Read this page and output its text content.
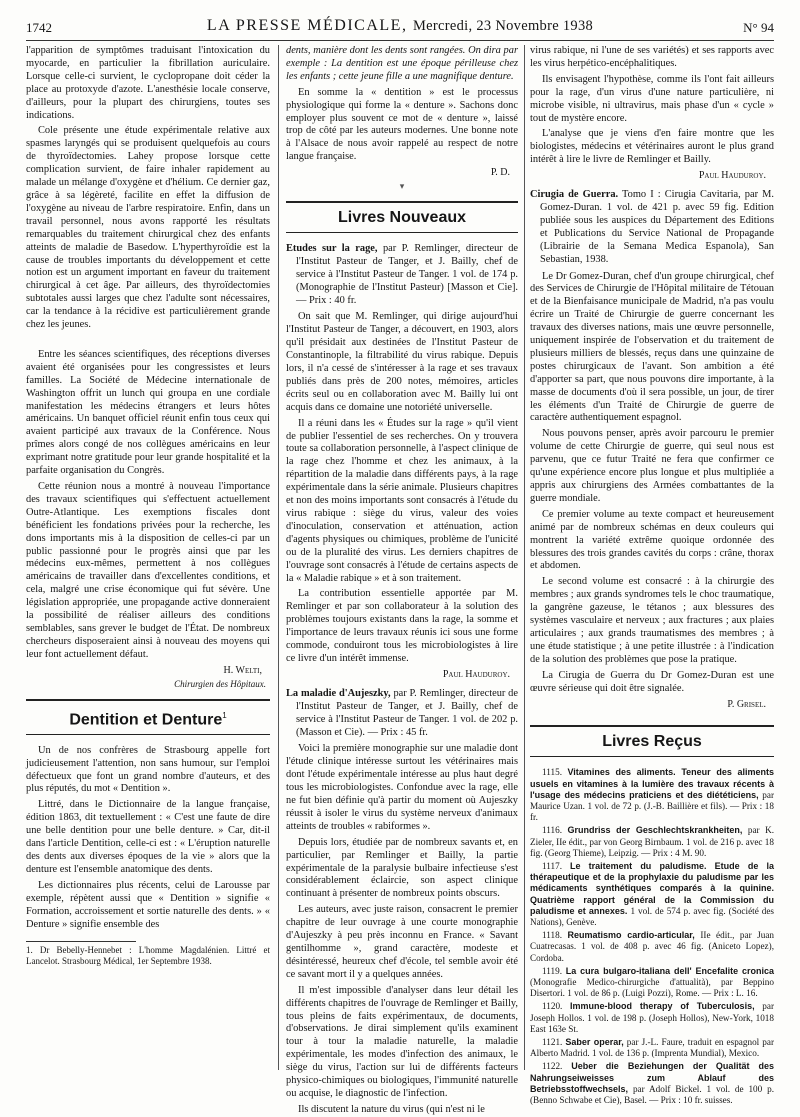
1742	LA PRESSE MÉDICALE, Mercredi, 23 Novembre 1938	N° 94

l'apparition de symptômes traduisant l'intoxication du myocarde, en particulier la fibrillation auriculaire. Lorsque celle-ci survient, le cyclopropane doit céder la place au protoxyde d'azote. L'anesthésie locale conserve, d'ailleurs, pour la plupart des chirurgiens, toutes ses indications.

Cole présente une étude expérimentale relative aux spasmes laryngés qui se produisent quelquefois au cours de thyroïdectomies. Lahey propose lorsque cette complication survient, de faire inhaler rapidement au malade un mélange d'oxygène et d'hélium. Ce dernier gaz, grâce à sa légèreté, facilite en effet la diffusion de l'oxygène au niveau de l'arbre respiratoire. Enfin, dans un travail personnel, nous avons rapporté les résultats remarquables du traitement chirurgical chez des enfants atteints de maladie de Basedow. L'hyperthyroïdie est la cause de troubles importants du développement et cette notion est un argument important en faveur du traitement chirurgical à cet âge. Par ailleurs, des thyroïdectomies subtotales aussi larges que chez l'adulte sont nécessaires, car la tendance à la récidive est particulièrement grande chez les jeunes.

Entre les séances scientifiques, des réceptions diverses avaient été organisées pour les congressistes et leurs familles. La Société de Médecine internationale de Washington offrit un lunch qui groupa en une cordiale manifestation les médecins étrangers et leurs hôtes américains. Un banquet officiel réunit enfin tous ceux qui avaient participé aux travaux de la Conférence. Nous prîmes alors congé de nos collègues américains en leur exprimant notre gratitude pour leur grande hospitalité et la parfaite organisation du Congrès.

Cette réunion nous a montré à nouveau l'importance des travaux scientifiques qui s'effectuent actuellement Outre-Atlantique. Les exemptions fiscales dont bénéficient les fondations privées pour la recherche, les dons importants mis à la disposition de celles-ci par un public passionné pour le progrès ainsi que par les médecins eux-mêmes, permettent à nos collègues américains de travailler dans d'excellentes conditions, et cela, malgré une crise économique qui fut sévère. Une législation appropriée, une propagande active donneraient la possibilité de réaliser ailleurs des conditions semblables, sans grever le budget de l'État. De nombreux chercheurs disposeraient ainsi à nouveau des moyens qui leur font actuellement défaut.

H. Welti,

Chirurgien des Hôpitaux.

Dentition et Denture$^1$

Un de nos confrères de Strasbourg appelle fort judicieusement l'attention, non sans humour, sur l'emploi défectueux que font un grand nombre d'auteurs, et des plus réputés, du mot « Dentition ».

Littré, dans le Dictionnaire de la langue française, édition 1863, dit textuellement : « C'est une faute de dire une belle dentition pour une belle denture. » Car, dit-il dans l'article Dentition, celle-ci est : « L'éruption naturelle des dents aux diverses époques de la vie » alors que la denture est l'ensemble anatomique des dents.

Les dictionnaires plus récents, celui de Larousse par exemple, répètent aussi que « Dentition » signifie « Formation, accroissement et sortie naturelle des dents. » « Denture » signifie ensemble des

1. Dr Bebelly-Hennebet : L'homme Magdalénien. Littré et Lancelot. Strasbourg Médical, 1er Septembre 1938.

dents, manière dont les dents sont rangées. On dira par exemple : La dentition est une époque périlleuse chez les enfants ; cette jeune fille a une magnifique denture.

En somme la « dentition » est le processus physiologique qui forme la « denture ». Sachons donc employer plus souvent ce mot de « denture », laissé trop de côté par les auteurs modernes. Une bonne note à l'Alsace de nous avoir rappelé au respect de notre langue française.

P. D.

▾
Livres Nouveaux

Etudes sur la rage, par P. Remlinger, directeur de l'Institut Pasteur de Tanger, et J. Bailly, chef de service à l'Institut Pasteur de Tanger. 1 vol. de 174 p. (Monographie de l'Institut Pasteur) [Masson et Cie]. — Prix : 40 fr.

On sait que M. Remlinger, qui dirige aujourd'hui l'Institut Pasteur de Tanger, a découvert, en 1903, alors qu'il présidait aux destinées de l'Institut Pasteur de Constantinople, la filtrabilité du virus rabique. Depuis lors, il n'a cessé de s'intéresser à la rage et ses travaux publiés dans près de 200 notes, mémoires, articles écrits seul ou en collaboration avec M. Bailly lui ont acquis dans ce domaine une notoriété universelle.

Il a réuni dans les « Études sur la rage » qu'il vient de publier l'essentiel de ses recherches. On y trouvera toute sa collaboration personnelle, à l'aspect clinique de la rage chez l'homme et chez les animaux, à la répartition de la maladie dans différents pays, à la rage expérimentale dans la série animale. Plusieurs chapitres et non des moins importants sont consacrés à l'étude du virus rabique : siège du virus, valeur des voies d'inoculation, conservation et atténuation, action d'agents physiques ou chimiques, problème de l'unicité ou de la pluralité des virus. Les derniers chapitres de l'ouvrage sont consacrés à l'étude de certains aspects de la « Maladie rabique » et à son traitement.

La contribution essentielle apportée par M. Remlinger et par son collaborateur à la solution des problèmes toujours existants dans la rage, la somme et l'importance de leurs travaux réunis ici sous une forme commode, conduiront tous les microbiologistes à lire ce livre d'un intérêt immense.

Paul Hauduroy.

La maladie d'Aujeszky, par P. Remlinger, directeur de l'Institut Pasteur de Tanger, et J. Bailly, chef de service à l'Institut Pasteur de Tanger. 1 vol. de 202 p. (Masson et Cie). — Prix : 45 fr.

Voici la première monographie sur une maladie dont l'étude clinique intéresse surtout les vétérinaires mais dont l'étude expérimentale intéresse au plus haut degré tous les microbiologistes. Confondue avec la rage, elle ne fut bien définie qu'à partir du moment où Aujeszky réussit à isoler le virus du système nerveux d'animaux atteints de troubles « rabiformes ».

Depuis lors, étudiée par de nombreux savants et, en particulier, par Remlinger et Bailly, la partie expérimentale de la paralysie bulbaire infectieuse s'est considérablement éclaircie, son aspect clinique continuant à présenter de nombreux points obscurs.

Les auteurs, avec juste raison, consacrent le premier chapitre de leur ouvrage à une courte monographie d'Aujeszky à peu près inconnu en France. « Savant gentilhomme », grand caractère, modeste et désintéressé, heureux chef d'école, tel semble avoir été ce savant mort il y a quelques années.

Il m'est impossible d'analyser dans leur détail les différents chapitres de l'ouvrage de Remlinger et Bailly, tous pleins de faits expérimentaux, de documents, d'observations. Je dirai simplement qu'ils examinent tour à tour la maladie naturelle, la maladie expérimentale, les modes d'infection des animaux, le siège du virus, l'action sur lui de différents facteurs physico-chimiques ou biologiques, l'immunité naturelle ou acquise, le diagnostic de l'infection.

Ils discutent la nature du virus (qui n'est ni le

virus rabique, ni l'une de ses variétés) et ses rapports avec les virus herpético-encéphalitiques.

Ils envisagent l'hypothèse, comme ils l'ont fait ailleurs pour la rage, d'un virus d'une nature particulière, ni microbe visible, ni ultravirus, mais phase d'un « cycle » tout de mystère encore.

L'analyse que je viens d'en faire montre que les biologistes, médecins et vétérinaires auront le plus grand intérêt à lire le livre de Remlinger et Bailly.

Paul Hauduroy.

Cirugia de Guerra. Tomo I : Cirugia Cavitaria, par M. Gomez-Duran. 1 vol. de 421 p. avec 59 fig. Edition publiée sous les auspices du Département des Editions et Publications du Service National de Propagande (Librairie de la Semana Medica Espanola), San Sebastian, 1938.

Le Dr Gomez-Duran, chef d'un groupe chirurgical, chef des Services de Chirurgie de l'Hôpital militaire de Tétouan et de la Bienfaisance municipale de Madrid, n'a pas voulu écrire un Traité de Chirurgie de guerre concernant les travaux des diverses nations, mais une œuvre personnelle, uniquement inspirée de l'observation et du traitement de plusieurs milliers de blessés, reçus dans une quinzaine de postes chirurgicaux de l'avant. Son ambition a été d'apporter sa part, que nous pouvons dire importante, à la masse de documents d'où il sera possible, un jour, de tirer les éléments d'un Traité de Chirurgie de guerre de caractère authentiquement espagnol.

Nous pouvons penser, après avoir parcouru le premier volume de cette Chirurgie de guerre, qui seul nous est parvenu, que ce futur Traité ne fera que confirmer ce qu'une expérience encore plus longue et plus multipliée a appris aux chirurgiens des Armées combattantes de la guerre mondiale.

Ce premier volume au texte compact et heureusement animé par de nombreux schémas en deux couleurs qui montrent la variété extrême quoique ordonnée des blessures des trois grandes cavités du corps : crâne, thorax et abdomen.

Le second volume est consacré : à la chirurgie des membres ; aux grands syndromes tels le choc traumatique, la gangrène gazeuse, le tétanos ; aux blessures des systèmes vasculaire et nerveux ; aux fractures ; aux plaies articulaires ; aux grands traumatismes des membres ; à une étude statistique ; à une petite illustrée : à l'indication de la solution des problèmes que pose la pratique.

La Cirugia de Guerra du Dr Gomez-Duran est une œuvre sérieuse qui doit être signalée.

P. Grisel.

Livres Reçus

1115. Vitamines des aliments. Teneur des aliments usuels en vitamines à la lumière des travaux récents à l'usage des médecins praticiens et des diététiciens, par Maurice Uzan. 1 vol. de 72 p. (J.-B. Baillière et fils). — Prix : 18 fr.

1116. Grundriss der Geschlechtskrankheiten, par K. Zieler, IIe édit., par von Georg Birnbaum. 1 vol. de 216 p. avec 18 fig. (Georg Thieme), Leipzig. — Prix : 4 M. 90.

1117. Le traitement du paludisme. Etude de la thérapeutique et de la prophylaxie du paludisme par les médicaments synthétiques comparés à la quinine. Quatrième rapport général de la Commission du paludisme et annexes. 1 vol. de 574 p. avec fig. (Société des Nations), Genève.

1118. Reumatismo cardio-articular, IIe édit., par Juan Cuatrecasas. 1 vol. de 408 p. avec 46 fig. (Aniceto Lopez), Cordoba.

1119. La cura bulgaro-italiana dell' Encefalite cronica (Monografie Medico-chirurgiche d'attualità), par Beppino Disertori. 1 vol. de 86 p. (Luigi Pozzi), Rome. — Prix : L. 16.

1120. Immune-blood therapy of Tuberculosis, par Joseph Hollos. 1 vol. de 198 p. (Joseph Hollos), New-York, 1018 East 163e St.

1121. Saber operar, par J.-L. Faure, traduit en espagnol par Alberto Madrid. 1 vol. de 136 p. (Imprenta Mundial), Mexico.

1122. Ueber die Beziehungen der Qualität des Nahrungseiweisses zum Ablauf des Betriebsstoffwechsels, par Adolf Bickel. 1 vol. de 100 p. (Benno Schwabe et Cie), Basel. — Prix : 10 fr. suisses.
